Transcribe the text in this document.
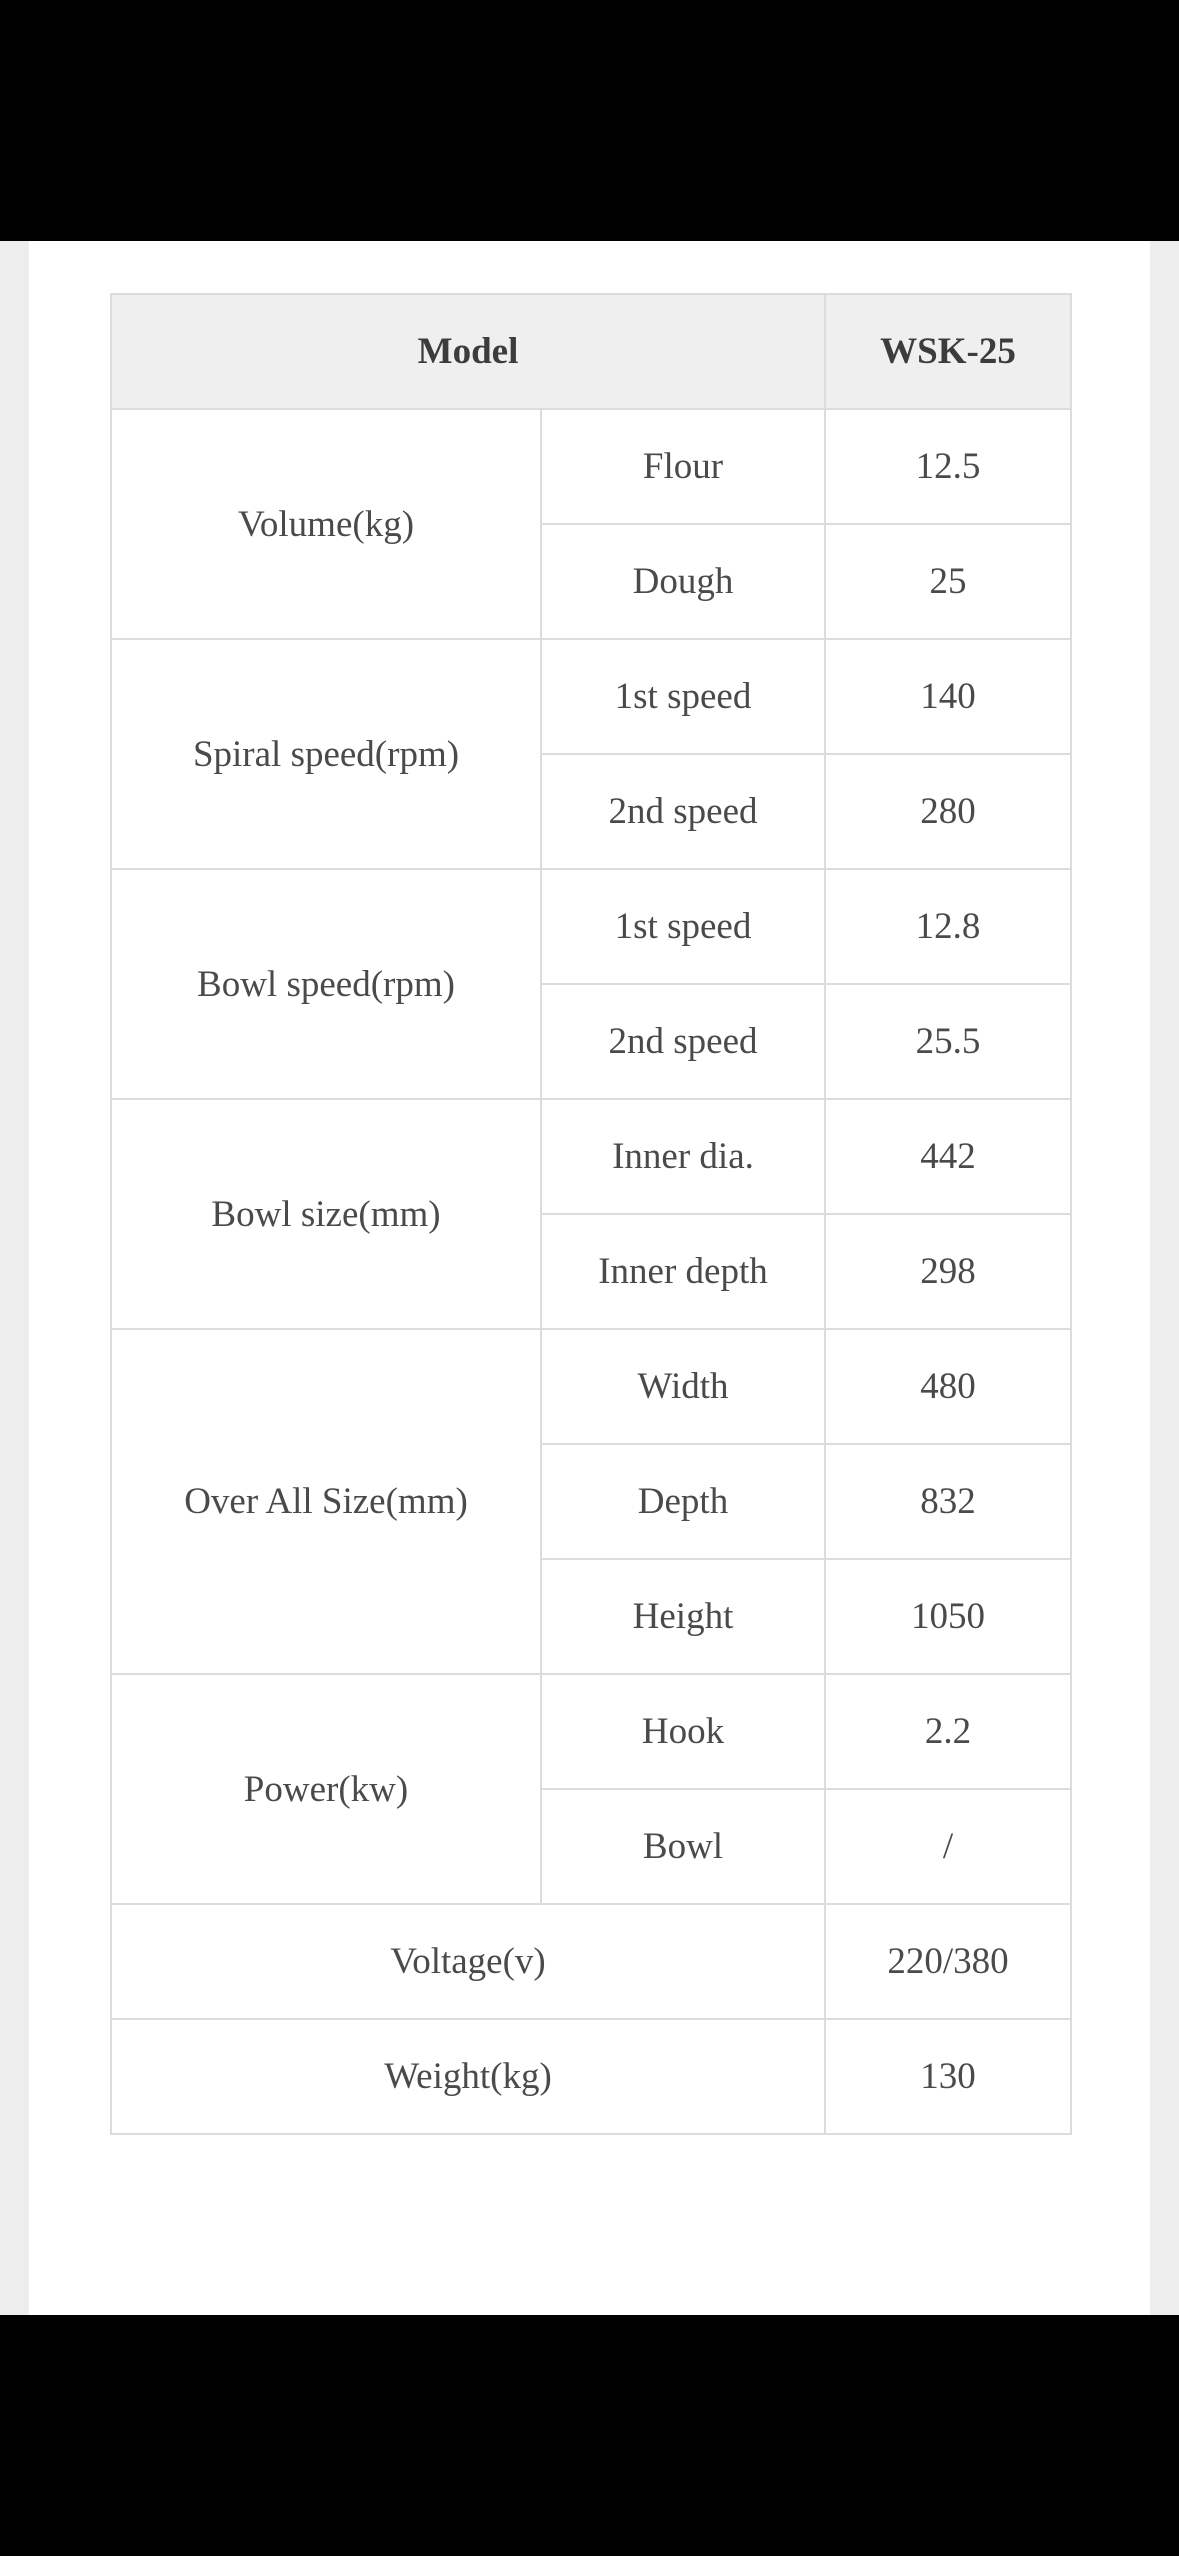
Model		WSK-25
Volume(kg)	Flour	12.5
	Dough	25
Spiral speed(rpm)	1st speed	140
	2nd speed	280
Bowl speed(rpm)	1st speed	12.8
	2nd speed	25.5
Bowl size(mm)	Inner dia.	442
	Inner depth	298
Over All Size(mm)	Width	480
	Depth	832
	Height	1050
Power(kw)	Hook	2.2
	Bowl	/
Voltage(v)		220/380
Weight(kg)		130
